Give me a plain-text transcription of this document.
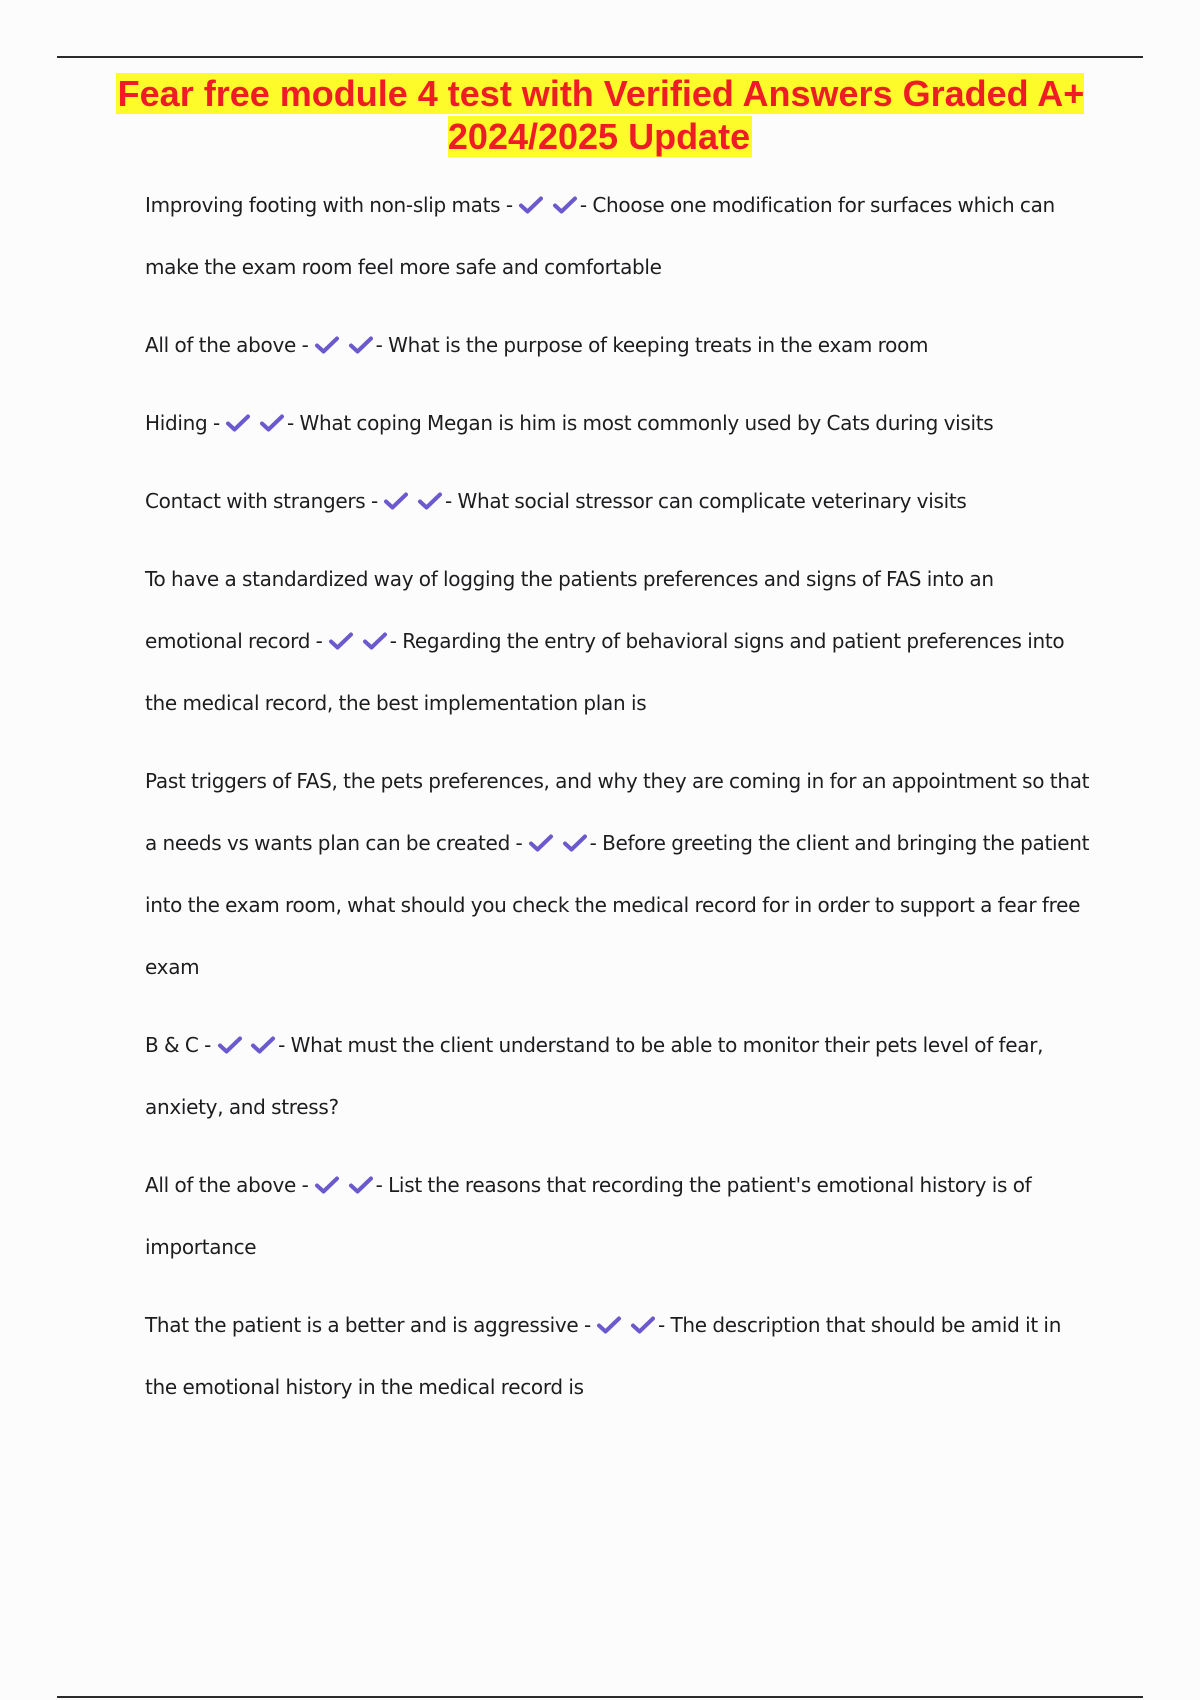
Fear free module 4 test with Verified Answers Graded A+ 2024/2025 Update

Improving footing with non-slip mats -
	- Choose one modification for surfaces which can make the exam room feel more safe and comfortable

All of the above -
	- What is the purpose of keeping treats in the exam room

Hiding -
	- What coping Megan is him is most commonly used by Cats during visits

Contact with strangers -
	- What social stressor can complicate veterinary visits

To have a standardized way of logging the patients preferences and signs of FAS into an emotional record -
	- Regarding the entry of behavioral signs and patient preferences into the medical record, the best implementation plan is

Past triggers of FAS, the pets preferences, and why they are coming in for an appointment so that a needs vs wants plan can be created -
	- Before greeting the client and bringing the patient into the exam room, what should you check the medical record for in order to support a fear free exam

B & C -
	- What must the client understand to be able to monitor their pets level of fear, anxiety, and stress?

All of the above -
	- List the reasons that recording the patient's emotional history is of importance

That the patient is a better and is aggressive -
	- The description that should be amid it in the emotional history in the medical record is
